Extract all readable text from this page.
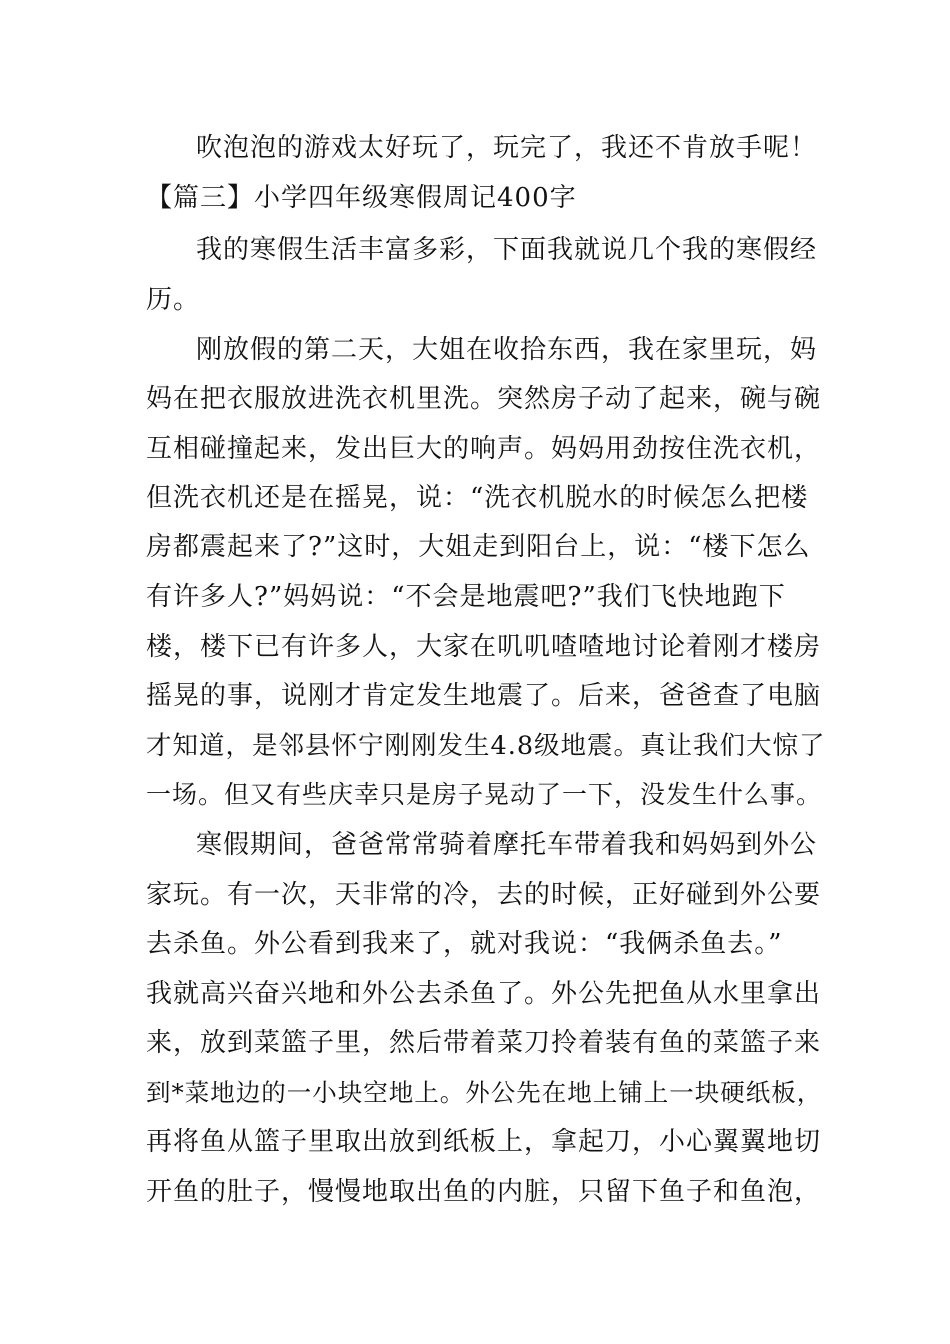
吹泡泡的游戏太好玩了，玩完了，我还不肯放手呢！
【篇三】小学四年级寒假周记400字
我的寒假生活丰富多彩，下面我就说几个我的寒假经
历。
刚放假的第二天，大姐在收拾东西，我在家里玩，妈
妈在把衣服放进洗衣机里洗。突然房子动了起来，碗与碗
互相碰撞起来，发出巨大的响声。妈妈用劲按住洗衣机，
但洗衣机还是在摇晃，说：“洗衣机脱水的时候怎么把楼
房都震起来了?”这时，大姐走到阳台上，说：“楼下怎么
有许多人?”妈妈说：“不会是地震吧?”我们飞快地跑下
楼，楼下已有许多人，大家在叽叽喳喳地讨论着刚才楼房
摇晃的事，说刚才肯定发生地震了。后来，爸爸查了电脑
才知道，是邻县怀宁刚刚发生4.8级地震。真让我们大惊了
一场。但又有些庆幸只是房子晃动了一下，没发生什么事。
寒假期间，爸爸常常骑着摩托车带着我和妈妈到外公
家玩。有一次，天非常的冷，去的时候，正好碰到外公要
去杀鱼。外公看到我来了，就对我说：“我俩杀鱼去。”
我就高兴奋兴地和外公去杀鱼了。外公先把鱼从水里拿出
来，放到菜篮子里，然后带着菜刀拎着装有鱼的菜篮子来
到*菜地边的一小块空地上。外公先在地上铺上一块硬纸板，
再将鱼从篮子里取出放到纸板上，拿起刀，小心翼翼地切
开鱼的肚子，慢慢地取出鱼的内脏，只留下鱼子和鱼泡，
